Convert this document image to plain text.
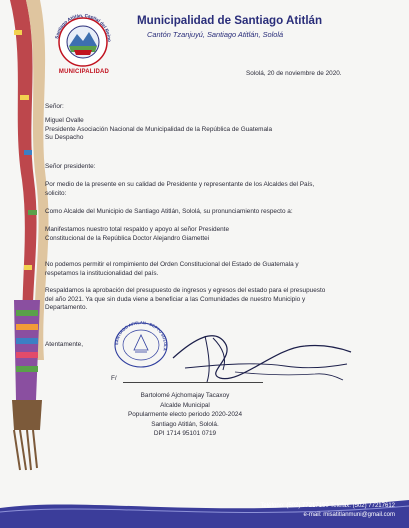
Santiago Atitlán, Capital del Reino
MUNICIPALIDAD
Municipalidad de Santiago Atitlán
Cantón Tzanjuyú, Santiago Atitlán, Sololá
Sololá, 20 de noviembre de 2020.
Señor:
Miguel Ovalle
Presidente Asociación Nacional de Municipalidad de la República de Guatemala
Su Despacho
Señor presidente:
Por medio de la presente en su calidad de Presidente y representante de los Alcaldes del País,
solicito:
Como Alcalde del Municipio de Santiago Atitlán, Sololá, su pronunciamiento respecto a:
Manifestamos nuestro total respaldo y apoyo al señor Presidente
Constitucional de la República Doctor Alejandro Giamettei
No podemos permitir el rompimiento del Orden Constitucional del Estado de Guatemala y
respetamos la institucionalidad del país.
Respaldamos la aprobación del presupuesto de ingresos y egresos del estado para el presupuesto
del año 2021. Ya que sin duda viene a beneficiar a las Comunidades de nuestro Municipio y
Departamento.
Atentamente,	SANTIAGO ATITLAN · DEPTO SOLOLA
F/
Bartolomé Ajchomajay Tacaxoy
Alcalde Municipal
Popularmente electo periodo 2020-2024
Santiago Atitlán, Sololá.
DPI 1714 95101 0719
Teléfono: (502) 77217150 Telefax: (502) 77217612
e-mail: misatitlanmuni@gmail.com
